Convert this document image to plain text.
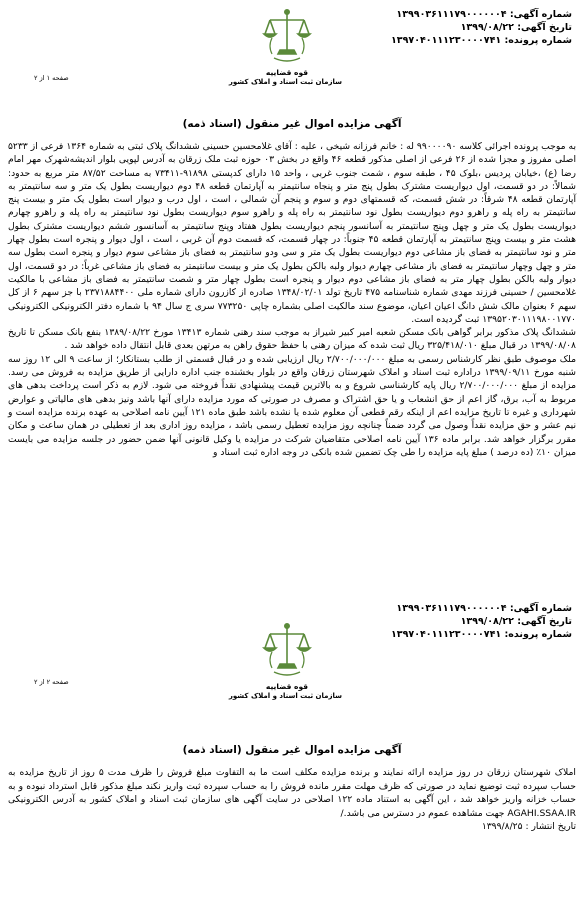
شماره آگهی: ۱۳۹۹۰۳۶۱۱۱۷۹۰۰۰۰۰۰۴
تاریخ آگهی: ۱۳۹۹/۰۸/۲۲
شماره پرونده: ۱۳۹۷۰۴۰۱۱۱۲۳۰۰۰۰۷۴۱
قوه قضاییه
سازمان ثبت اسناد و املاک کشور
صفحه ۱ از ۲
آگهی مزایده اموال غیر منقول (اسناد ذمه)

به موجب پرونده اجرائی کلاسه ۹۹۰۰۰۰۹۰ له : خانم فرزانه شیخی ، علیه : آقای غلامحسین حسینی ششدانگ پلاک ثبتی به شماره ۱۳۶۴ فرعی از ۵۲۳۳ اصلی مفروز و مجزا شده از ۲۶ فرعی از اصلی مذکور قطعه ۴۶ واقع در بخش ۰۳ حوزه ثبت ملک زرقان به آدرس لپویی بلوار اندیشه‌شهرک مهر امام رضا (ع) ،خیابان پردیس ،بلوک ۴۵ ، طبقه سوم ، شمت جنوب غربی ، واحد ۱۵ دارای کدپستی ۹۱۸۹۸-۷۳۴۱۱ به مساحت ۸۷/۵۲ متر مربع به حدود: شمالاً: در دو قسمت، اول دیواریست مشترک بطول پنج متر و پنجاه سانتیمتر به آپارتمان قطعه ۴۸ دوم دیواریست بطول یک متر و سه سانتیمتر به آپارتمان قطعه ۴۸ شرقاً: در شش قسمت، که قسمتهای دوم و سوم و پنجم آن شمالی ، است ، اول درب و دیوار است بطول یک متر و بیست پنج سانتیمتر به راه پله و راهرو دوم دیواریست بطول نود سانتیمتر به راه پله و راهرو سوم دیواریست بطول نود سانتیمتر به راه پله و راهرو چهارم دیواریست بطول یک متر و چهل وپنج سانتیمتر به آسانسور پنجم دیواریست بطول هفتاد وپنج سانتیمتر به آسانسور ششم دیواریست مشترک بطول هشت متر و بیست وپنج سانتیمتر به آپارتمان قطعه ۴۵ جنوباً: در چهار قسمت، که قسمت دوم آن غربی ، است ، اول دیوار و پنجره است بطول چهار متر و نود سانتیمتر به فضای باز مشاعی دوم دیواریست بطول یک متر و سی ودو سانتیمتر به فضای باز مشاعی سوم دیوار و پنجره است بطول سه متر و چهل وچهار سانتیمتر به فضای باز مشاعی چهارم دیوار ولبه بالکن بطول یک متر و بیست سانتیمتر به فضای باز مشاعی غرباً: در دو قسمت، اول دیوار ولبه بالکن بطول چهار متر به فضای باز مشاعی دوم دیوار و پنجره است بطول چهار متر و شصت سانتیمتر به فضای باز مشاعی با مالکیت غلامحسین / حسینی فرزند مهدی شماره شناسنامه ۴۷۵ تاریخ تولد ۱۳۴۸/۰۲/۰۱ صادره از کازرون دارای شماره ملی ۲۳۷۱۸۸۴۴۰۰ با جز سهم ۶ از کل سهم ۶ بعنوان مالک شش دانگ اعیان اعیان، موضوع سند مالکیت اصلی بشماره چاپی ۷۷۳۲۵۰ سری ج سال ۹۴ با شماره دفتر الکترونیکی الکترونیکی ۱۳۹۵۲۰۳۰۱۱۱۹۸۰۰۱۷۷۰ ثبت گردیده است.

ششدانگ پلاک مذکور برابر گواهی بانک مسکن شعبه امیر کبیر شیراز به موجب سند رهنی شماره ۱۳۴۱۳ مورخ ۱۳۸۹/۰۸/۲۲ بنفع بانک مسکن تا تاریخ ۱۳۹۹/۰۸/۰۸ در قبال مبلغ ۳۲۵/۴۱۸/۰۱۰ ریال ثبت شده که میزان رهنی با حفظ حقوق راهن به مرتهن بعدی قابل انتقال داده خواهد شد .

ملک موصوف طبق نظر کارشناس رسمی به مبلغ ۲/۷۰۰/۰۰۰/۰۰۰ ریال ارزیابی شده و در قبال قسمتی از طلب بستانکار؛ از ساعت ۹ الی ۱۲ روز سه شنبه مورخ ۱۳۹۹/۰۹/۱۱ دراداره ثبت اسناد و املاک شهرستان زرقان واقع در بلوار بخشنده جنب اداره دارایی از طریق مزایده به فروش می رسد. مزایده از مبلغ ۲/۷۰۰/۰۰۰/۰۰۰ ریال پایه کارشناسی شروع و به بالاترین قیمت پیشنهادی نقداً فروخته می شود. لازم به ذکر است پرداخت بدهی های مربوط به آب، برق، گاز اعم از حق انشعاب و یا حق اشتراک و مصرف در صورتی که مورد مزایده دارای آنها باشد ونیز بدهی های مالیاتی و عوارض شهرداری و غیره تا تاریخ مزایده اعم از اینکه رقم قطعی آن معلوم شده یا نشده باشد طبق ماده ۱۲۱ آیین نامه اصلاحی به عهده برنده مزایده است و نیم عشر و حق مزایده نقداً وصول می گردد ضمناً چنانچه روز مزایده تعطیل رسمی باشد ، مزایده روز اداری بعد از تعطیلی در همان ساعت و مکان مقرر برگزار خواهد شد. برابر ماده ۱۳۶ آیین نامه اصلاحی متقاضیان شرکت در مزایده یا وکیل قانونی آنها ضمن حضور در جلسه مزایده می بایست میزان ۱۰٪ (ده درصد ) مبلغ پایه مزایده را طی چک تضمین شده بانکی در وجه اداره ثبت اسناد و

شماره آگهی: ۱۳۹۹۰۳۶۱۱۱۷۹۰۰۰۰۰۰۴
تاریخ آگهی: ۱۳۹۹/۰۸/۲۲
شماره پرونده: ۱۳۹۷۰۴۰۱۱۱۲۳۰۰۰۰۷۴۱
قوه قضاییه
سازمان ثبت اسناد و املاک کشور
صفحه ۲ از ۲
آگهی مزایده اموال غیر منقول (اسناد ذمه)

املاک شهرستان زرقان در روز مزایده ارائه نمایند و برنده مزایده مکلف است ما به التفاوت مبلغ فروش را ظرف مدت ۵ روز از تاریخ مزایده به حساب سپرده ثبت توضیع نماید در صورتی که ظرف مهلت مقرر مانده فروش را به حساب سپرده ثبت واریز نکند مبلغ مذکور قابل استرداد نبوده و به حساب خزانه واریز خواهد شد ، این آگهی به استناد ماده ۱۲۲ اصلاحی در سایت آگهی های سازمان ثبت اسناد و املاک کشور به آدرس الکترونیکی AGAHI.SSAA.IR جهت مشاهده عموم در دسترس می باشد./

تاریخ انتشار : ۱۳۹۹/۸/۲۵
